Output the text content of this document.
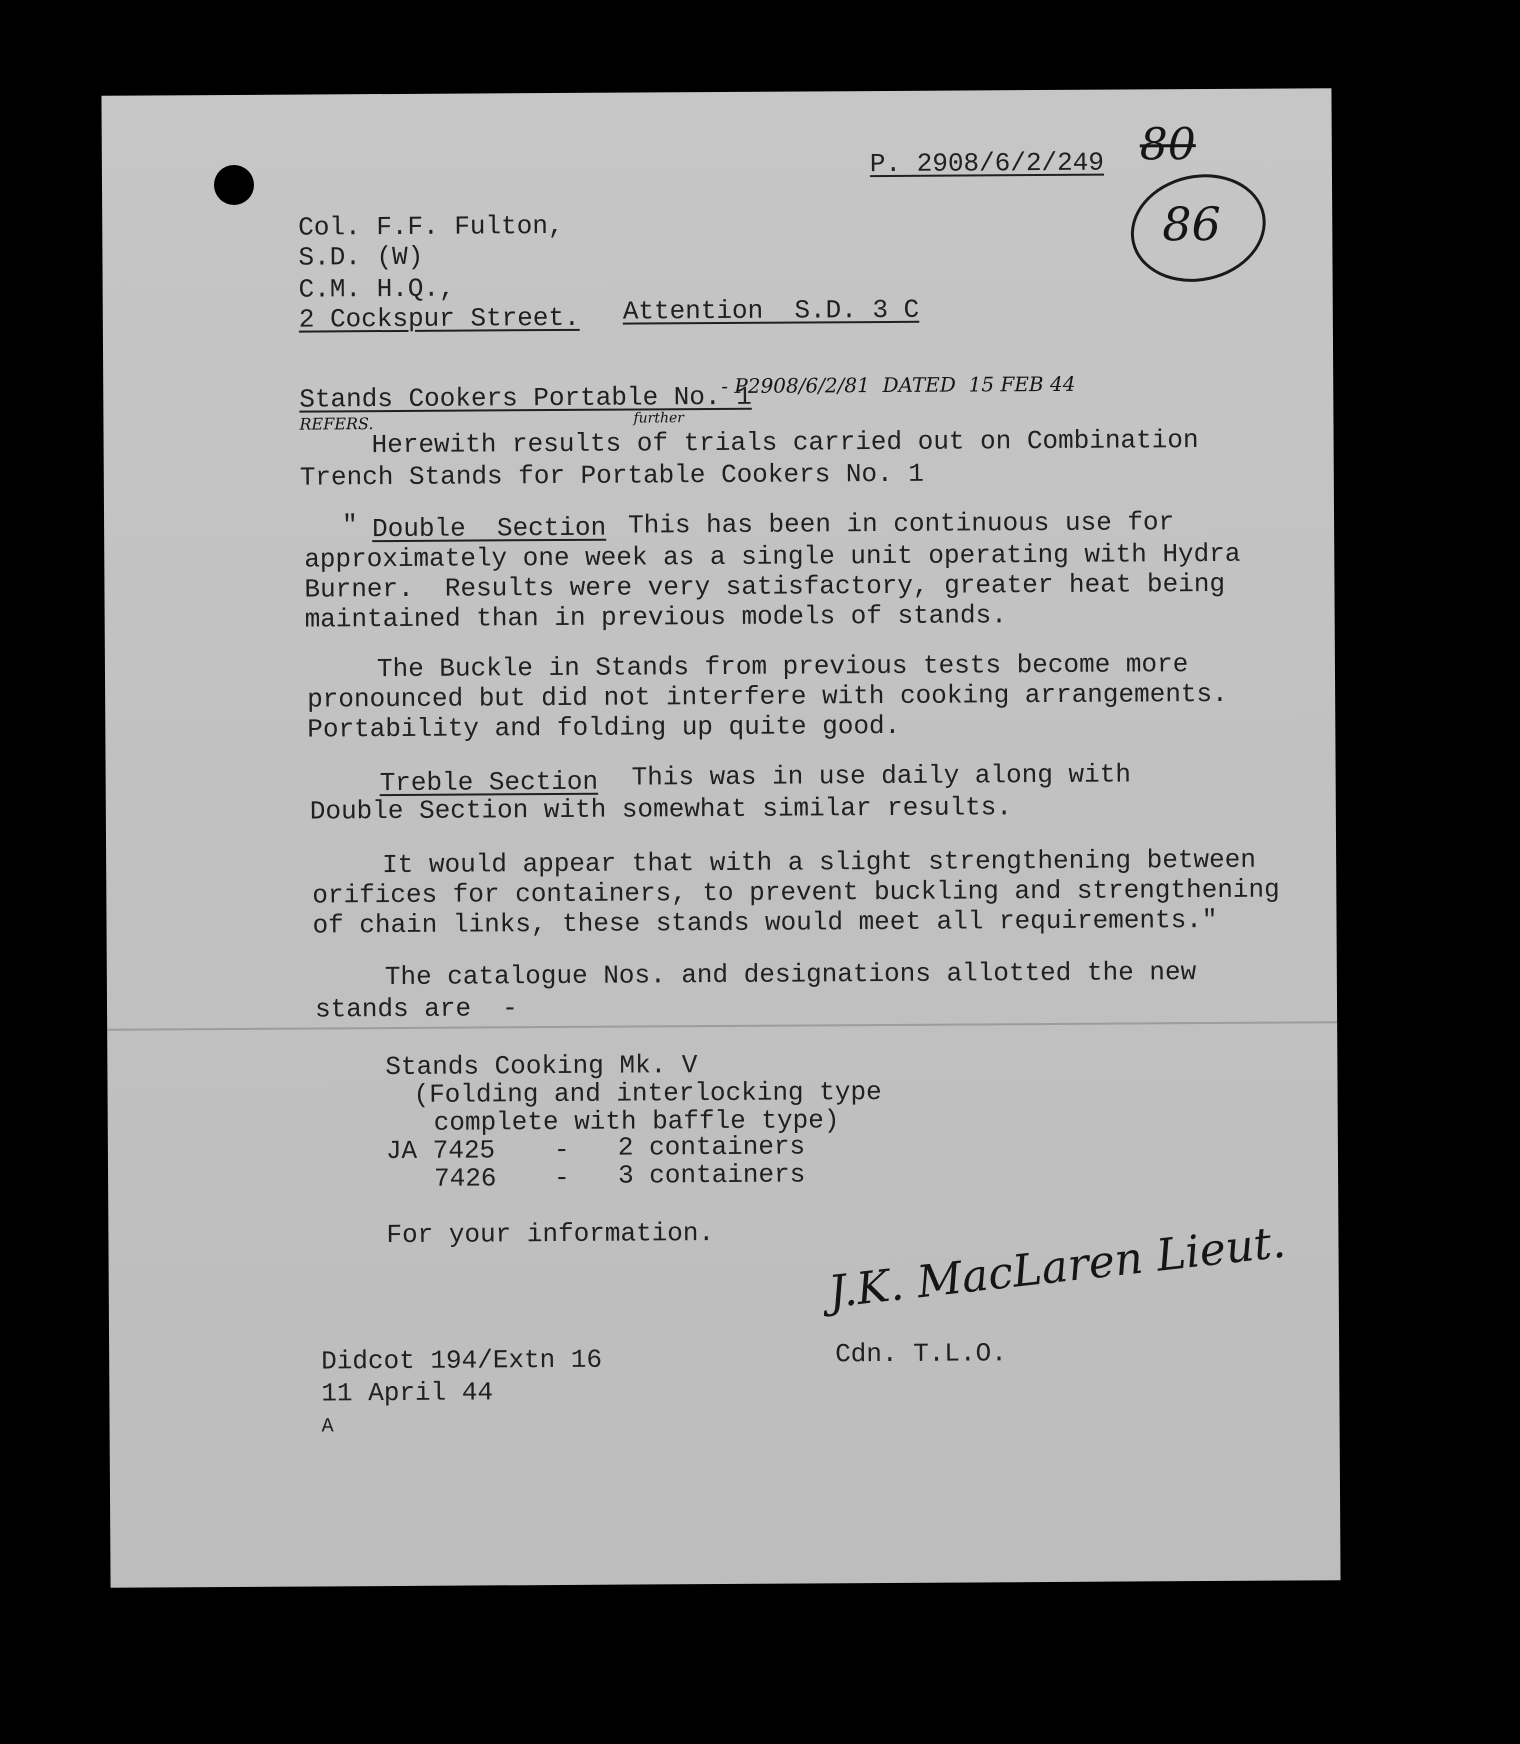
P. 2908/6/2/249 80
86
Col. F.F. Fulton,
S.D. (W)
C.M. H.Q.,
2 Cockspur Street. Attention  S.D. 3 C
Stands Cookers Portable No. 1
- P2908/6/2/81  DATED  15 FEB 44
REFERS.
Herewith results of trials carried out on Combination
further
Trench Stands for Portable Cookers No. 1
" Double  Section This has been in continuous use for
approximately one week as a single unit operating with Hydra
Burner.  Results were very satisfactory, greater heat being
maintained than in previous models of stands.
The Buckle in Stands from previous tests become more
pronounced but did not interfere with cooking arrangements.
Portability and folding up quite good.
Treble Section This was in use daily along with
Double Section with somewhat similar results.
It would appear that with a slight strengthening between
orifices for containers, to prevent buckling and strengthening
of chain links, these stands would meet all requirements."
The catalogue Nos. and designations allotted the new
stands are  -
Stands Cooking Mk. V
(Folding and interlocking type
complete with baffle type)
JA 7425 - 2 containers
7426 - 3 containers
For your information.	J.K. MacLaren Lieut.
Cdn. T.L.O.
Didcot 194/Extn 16
11 April 44
A
